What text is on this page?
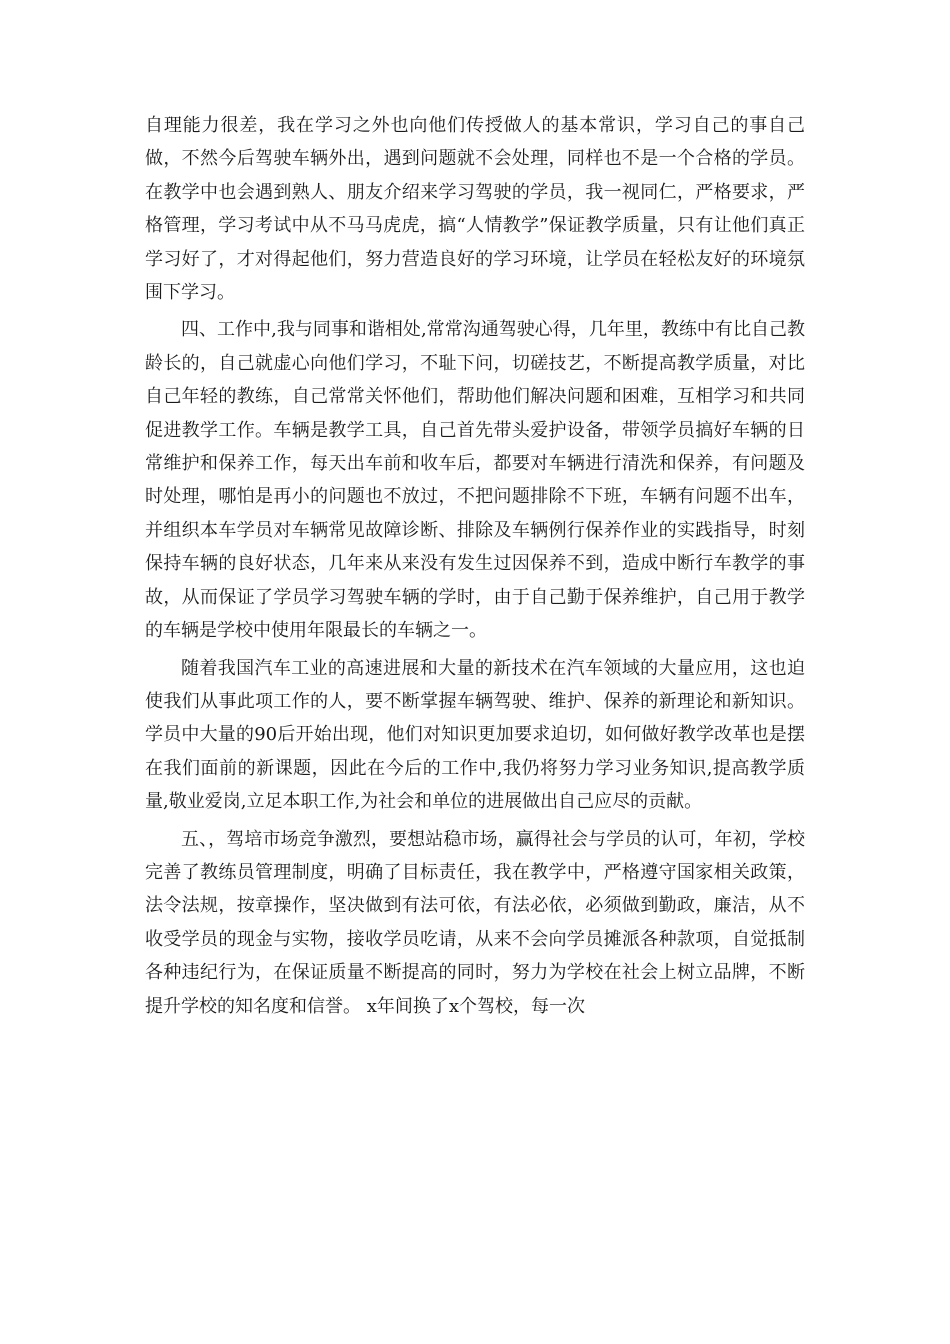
自理能力很差，我在学习之外也向他们传授做人的基本常识，学习自己的事自己做，不然今后驾驶车辆外出，遇到问题就不会处理，同样也不是一个合格的学员。在教学中也会遇到熟人、朋友介绍来学习驾驶的学员，我一视同仁，严格要求，严格管理，学习考试中从不马马虎虎，搞“人情教学”保证教学质量，只有让他们真正学习好了，才对得起他们，努力营造良好的学习环境，让学员在轻松友好的环境氛围下学习。

四、工作中,我与同事和谐相处,常常沟通驾驶心得，几年里，教练中有比自己教龄长的，自己就虚心向他们学习，不耻下问，切磋技艺，不断提高教学质量，对比自己年轻的教练，自己常常关怀他们，帮助他们解决问题和困难，互相学习和共同促进教学工作。车辆是教学工具，自己首先带头爱护设备，带领学员搞好车辆的日常维护和保养工作，每天出车前和收车后，都要对车辆进行清洗和保养，有问题及时处理，哪怕是再小的问题也不放过，不把问题排除不下班，车辆有问题不出车，并组织本车学员对车辆常见故障诊断、排除及车辆例行保养作业的实践指导，时刻保持车辆的良好状态，几年来从来没有发生过因保养不到，造成中断行车教学的事故，从而保证了学员学习驾驶车辆的学时，由于自己勤于保养维护，自己用于教学的车辆是学校中使用年限最长的车辆之一。

随着我国汽车工业的高速进展和大量的新技术在汽车领域的大量应用，这也迫使我们从事此项工作的人，要不断掌握车辆驾驶、维护、保养的新理论和新知识。学员中大量的90后开始出现，他们对知识更加要求迫切，如何做好教学改革也是摆在我们面前的新课题，因此在今后的工作中,我仍将努力学习业务知识,提高教学质量,敬业爱岗,立足本职工作,为社会和单位的进展做出自己应尽的贡献。

五、，驾培市场竞争激烈，要想站稳市场，赢得社会与学员的认可，年初，学校完善了教练员管理制度，明确了目标责任，我在教学中，严格遵守国家相关政策，法令法规，按章操作，坚决做到有法可依，有法必依，必须做到勤政，廉洁，从不收受学员的现金与实物，接收学员吃请，从来不会向学员摊派各种款项，自觉抵制各种违纪行为，在保证质量不断提高的同时，努力为学校在社会上树立品牌，不断提升学校的知名度和信誉。 x年间换了x个驾校，每一次
